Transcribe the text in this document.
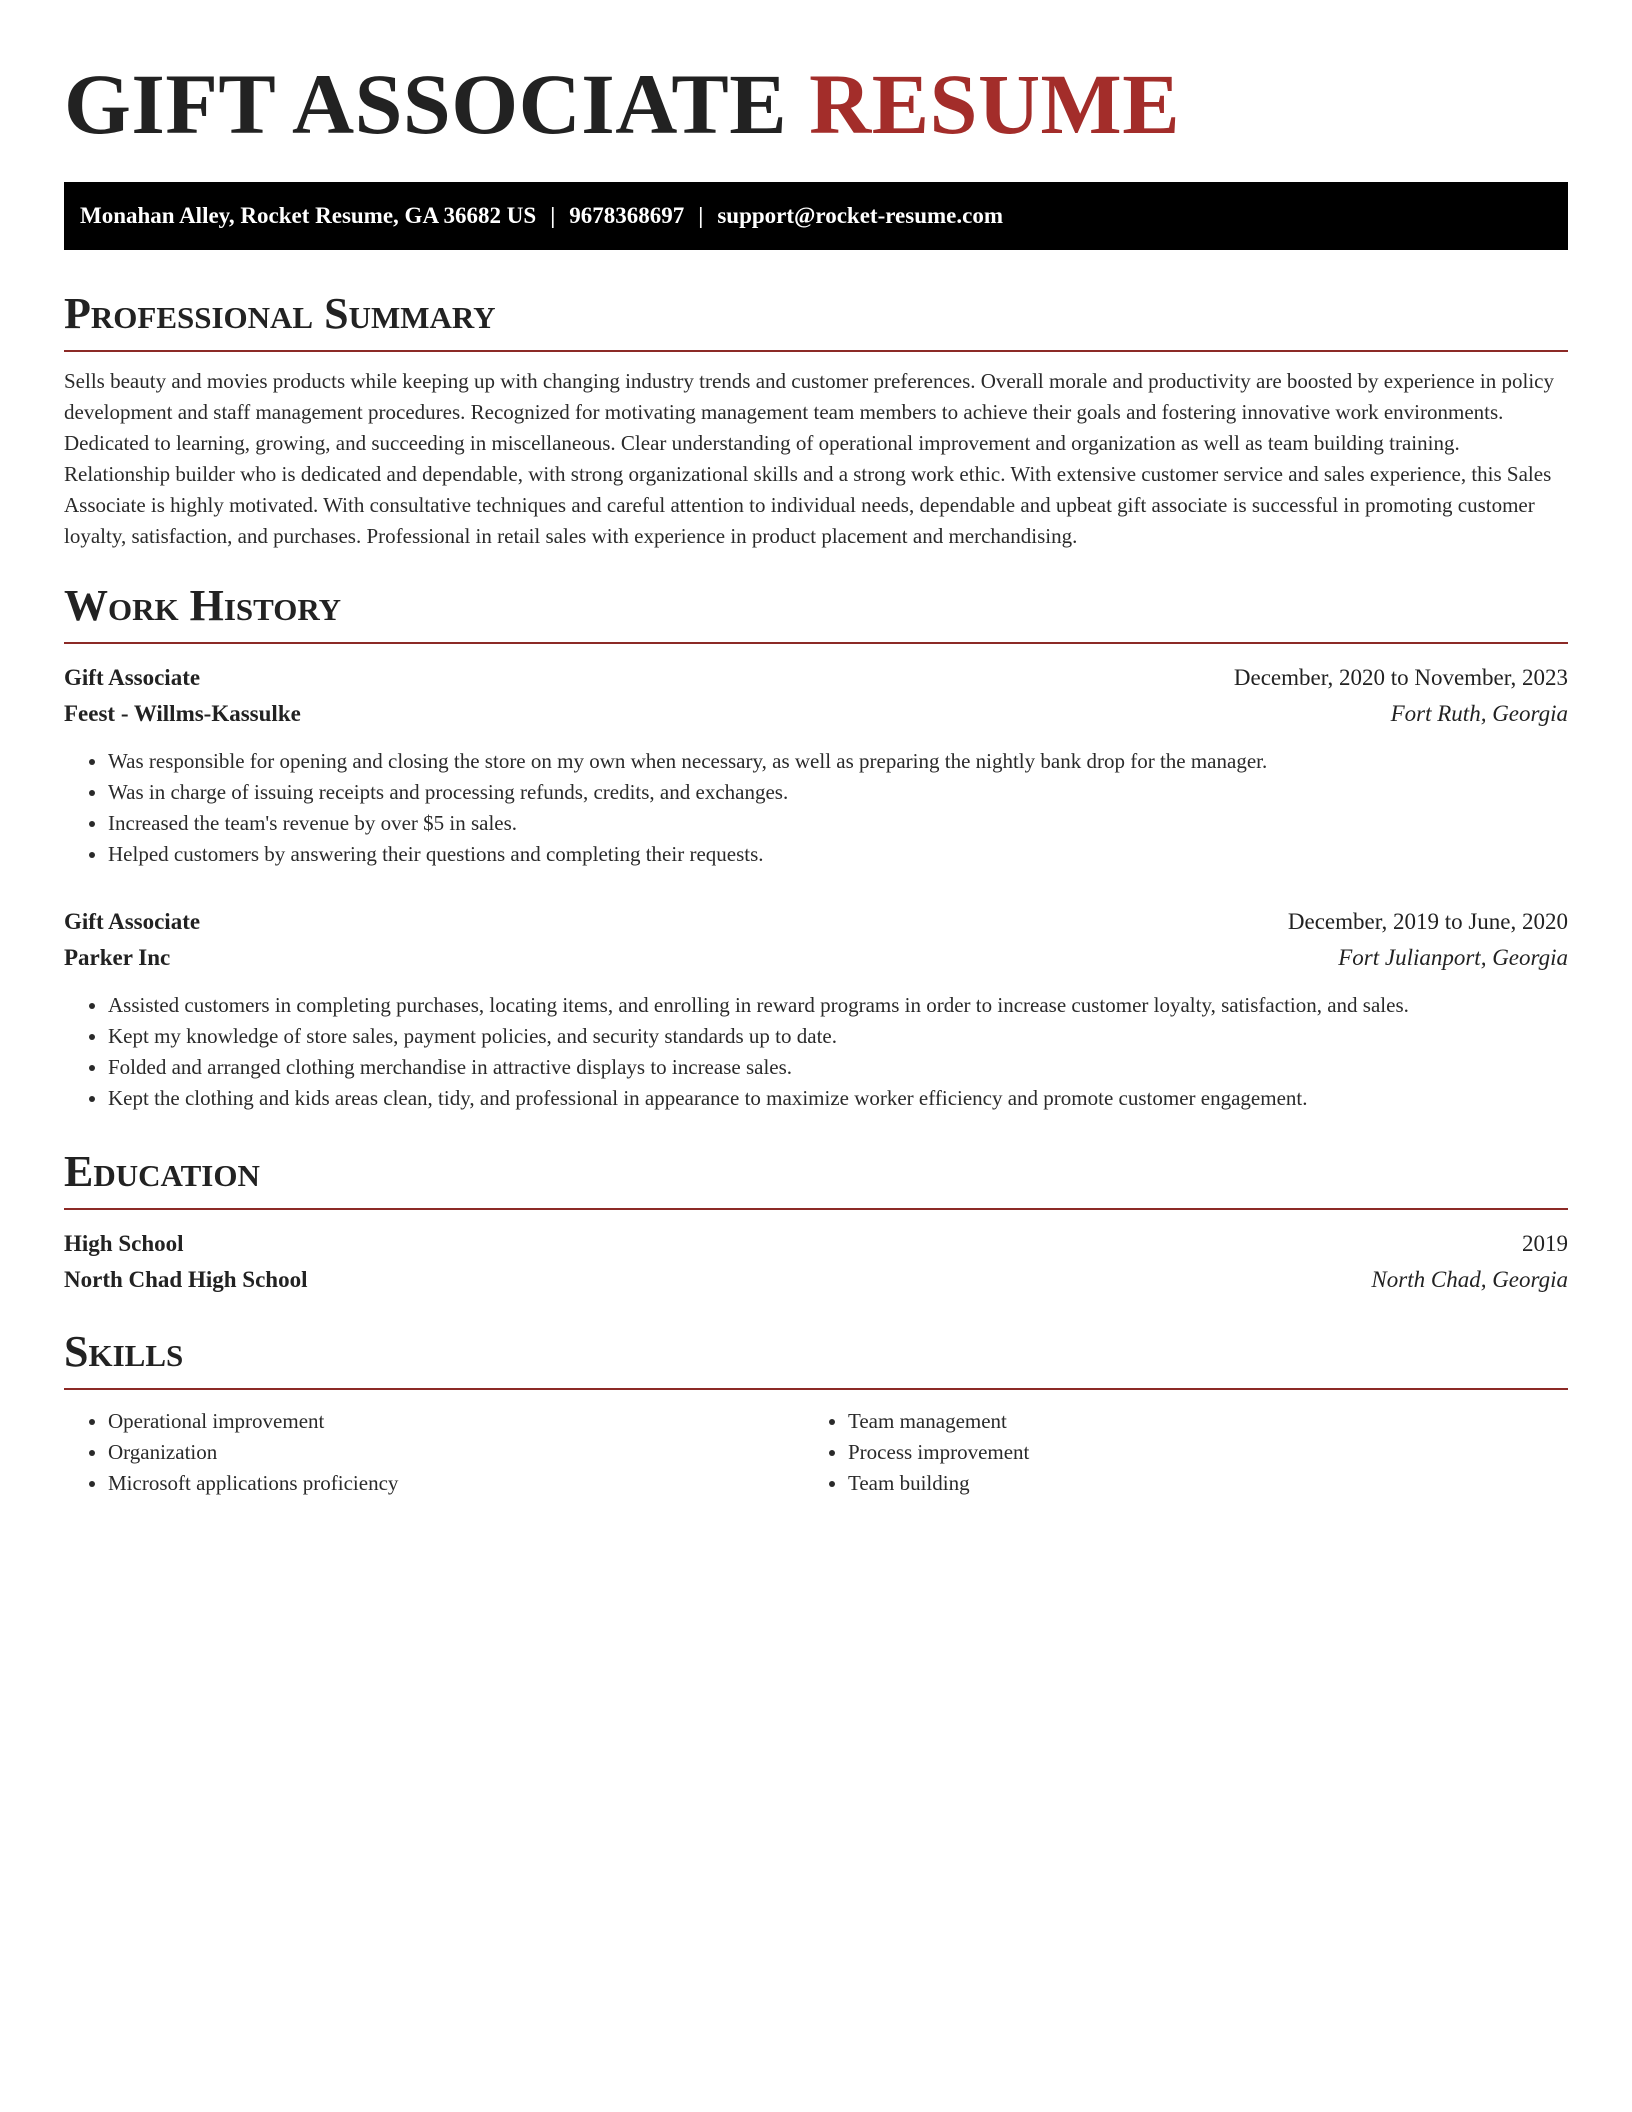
GIFT ASSOCIATE RESUME
Monahan Alley, Rocket Resume, GA 36682 US | 9678368697 | support@rocket-resume.com
Professional Summary

Sells beauty and movies products while keeping up with changing industry trends and customer preferences. Overall morale and productivity are boosted by experience in policy development and staff management procedures. Recognized for motivating management team members to achieve their goals and fostering innovative work environments. Dedicated to learning, growing, and succeeding in miscellaneous. Clear understanding of operational improvement and organization as well as team building training. Relationship builder who is dedicated and dependable, with strong organizational skills and a strong work ethic. With extensive customer service and sales experience, this Sales Associate is highly motivated. With consultative techniques and careful attention to individual needs, dependable and upbeat gift associate is successful in promoting customer loyalty, satisfaction, and purchases. Professional in retail sales with experience in product placement and merchandising.

Work History
Gift Associate	December, 2020 to November, 2023
Feest - Willms-Kassulke	Fort Ruth, Georgia
• Was responsible for opening and closing the store on my own when necessary, as well as preparing the nightly bank drop for the manager.
• Was in charge of issuing receipts and processing refunds, credits, and exchanges.
• Increased the team's revenue by over $5 in sales.
• Helped customers by answering their questions and completing their requests.
Gift Associate	December, 2019 to June, 2020
Parker Inc	Fort Julianport, Georgia
• Assisted customers in completing purchases, locating items, and enrolling in reward programs in order to increase customer loyalty, satisfaction, and sales.
• Kept my knowledge of store sales, payment policies, and security standards up to date.
• Folded and arranged clothing merchandise in attractive displays to increase sales.
• Kept the clothing and kids areas clean, tidy, and professional in appearance to maximize worker efficiency and promote customer engagement.
Education
High School	2019
North Chad High School	North Chad, Georgia
Skills
• Operational improvement
• Organization
• Microsoft applications proficiency
• Team management
• Process improvement
• Team building
